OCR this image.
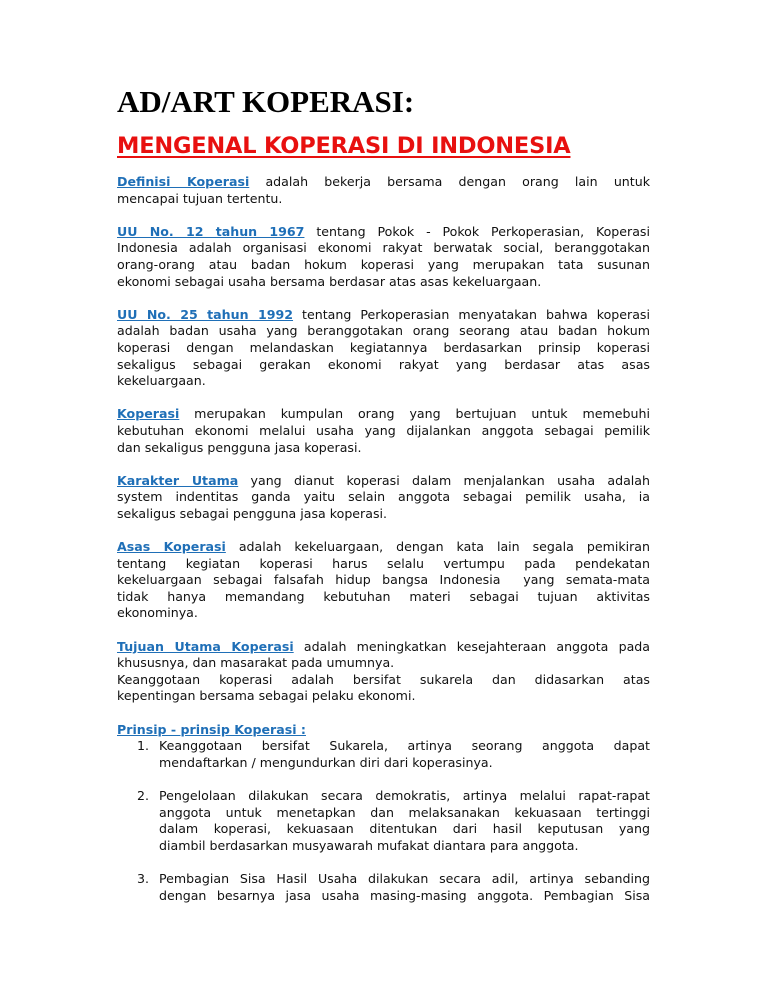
AD/ART KOPERASI:
MENGENAL KOPERASI DI INDONESIA
Definisi Koperasi adalah bekerja bersama dengan orang lain untuk
mencapai tujuan tertentu.
UU No. 12 tahun 1967 tentang Pokok - Pokok Perkoperasian, Koperasi
Indonesia adalah organisasi ekonomi rakyat berwatak social, beranggotakan
orang-orang atau badan hokum koperasi yang merupakan tata susunan
ekonomi sebagai usaha bersama berdasar atas asas kekeluargaan.
UU No. 25 tahun 1992 tentang Perkoperasian menyatakan bahwa koperasi
adalah badan usaha yang beranggotakan orang seorang atau badan hokum
koperasi dengan melandaskan kegiatannya berdasarkan prinsip koperasi
sekaligus sebagai gerakan ekonomi rakyat yang berdasar atas asas
kekeluargaan.
Koperasi merupakan kumpulan orang yang bertujuan untuk memebuhi
kebutuhan ekonomi melalui usaha yang dijalankan anggota sebagai pemilik
dan sekaligus pengguna jasa koperasi.
Karakter Utama yang dianut koperasi dalam menjalankan usaha adalah
system indentitas ganda yaitu selain anggota sebagai pemilik usaha, ia
sekaligus sebagai pengguna jasa koperasi.
Asas Koperasi adalah kekeluargaan, dengan kata lain segala pemikiran
tentang kegiatan koperasi harus selalu vertumpu pada pendekatan
kekeluargaan sebagai falsafah hidup bangsa Indonesia  yang semata-mata
tidak hanya memandang kebutuhan materi sebagai tujuan aktivitas
ekonominya.
Tujuan Utama Koperasi adalah meningkatkan kesejahteraan anggota pada
khususnya, dan masarakat pada umumnya.
Keanggotaan koperasi adalah bersifat sukarela dan didasarkan atas
kepentingan bersama sebagai pelaku ekonomi.
Prinsip - prinsip Koperasi :
1. Keanggotaan bersifat Sukarela, artinya seorang anggota dapat
mendaftarkan / mengundurkan diri dari koperasinya.
2. Pengelolaan dilakukan secara demokratis, artinya melalui rapat-rapat
anggota untuk menetapkan dan melaksanakan kekuasaan tertinggi
dalam koperasi, kekuasaan ditentukan dari hasil keputusan yang
diambil berdasarkan musyawarah mufakat diantara para anggota.
3. Pembagian Sisa Hasil Usaha dilakukan secara adil, artinya sebanding
dengan besarnya jasa usaha masing-masing anggota. Pembagian Sisa
